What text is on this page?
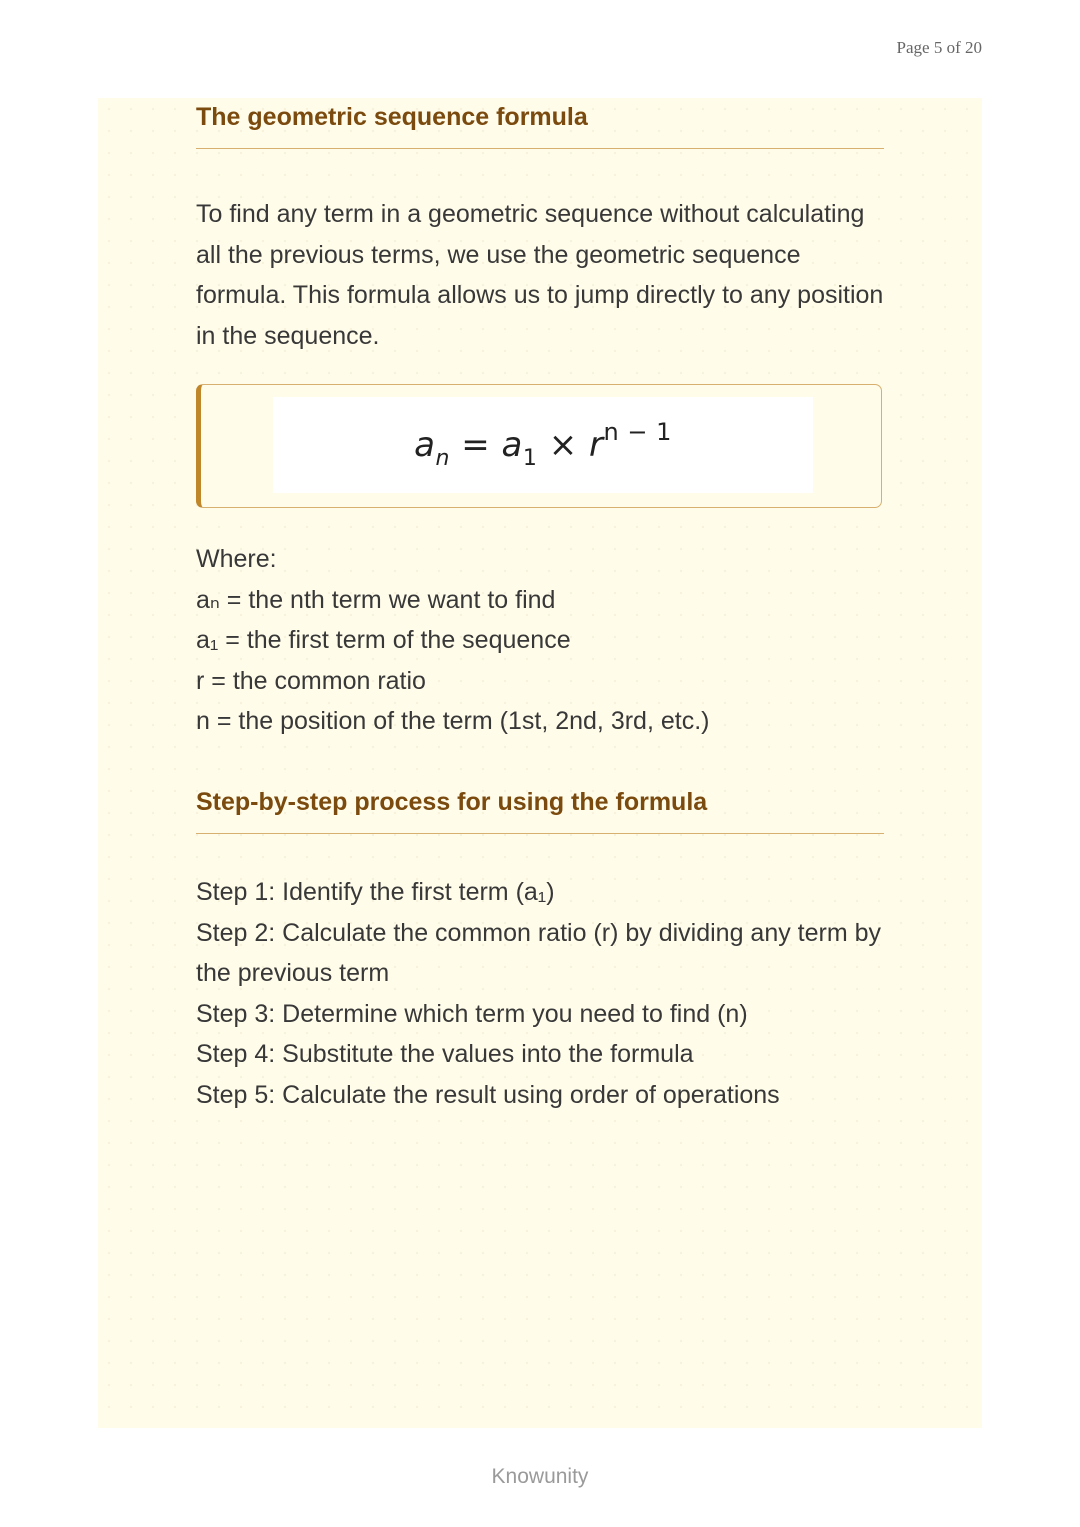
Page 5 of 20
The geometric sequence formula

To find any term in a geometric sequence without calculating all the previous terms, we use the geometric sequence formula. This formula allows us to jump directly to any position in the sequence.

$a_n = a_1 \times r^{n - 1}$
Where:
aₙ = the nth term we want to find
a₁ = the first term of the sequence
r = the common ratio
n = the position of the term (1st, 2nd, 3rd, etc.)
Step-by-step process for using the formula
Step 1: Identify the first term (a₁)
Step 2: Calculate the common ratio (r) by dividing any term by the previous term
Step 3: Determine which term you need to find (n)
Step 4: Substitute the values into the formula
Step 5: Calculate the result using order of operations
Knowunity
